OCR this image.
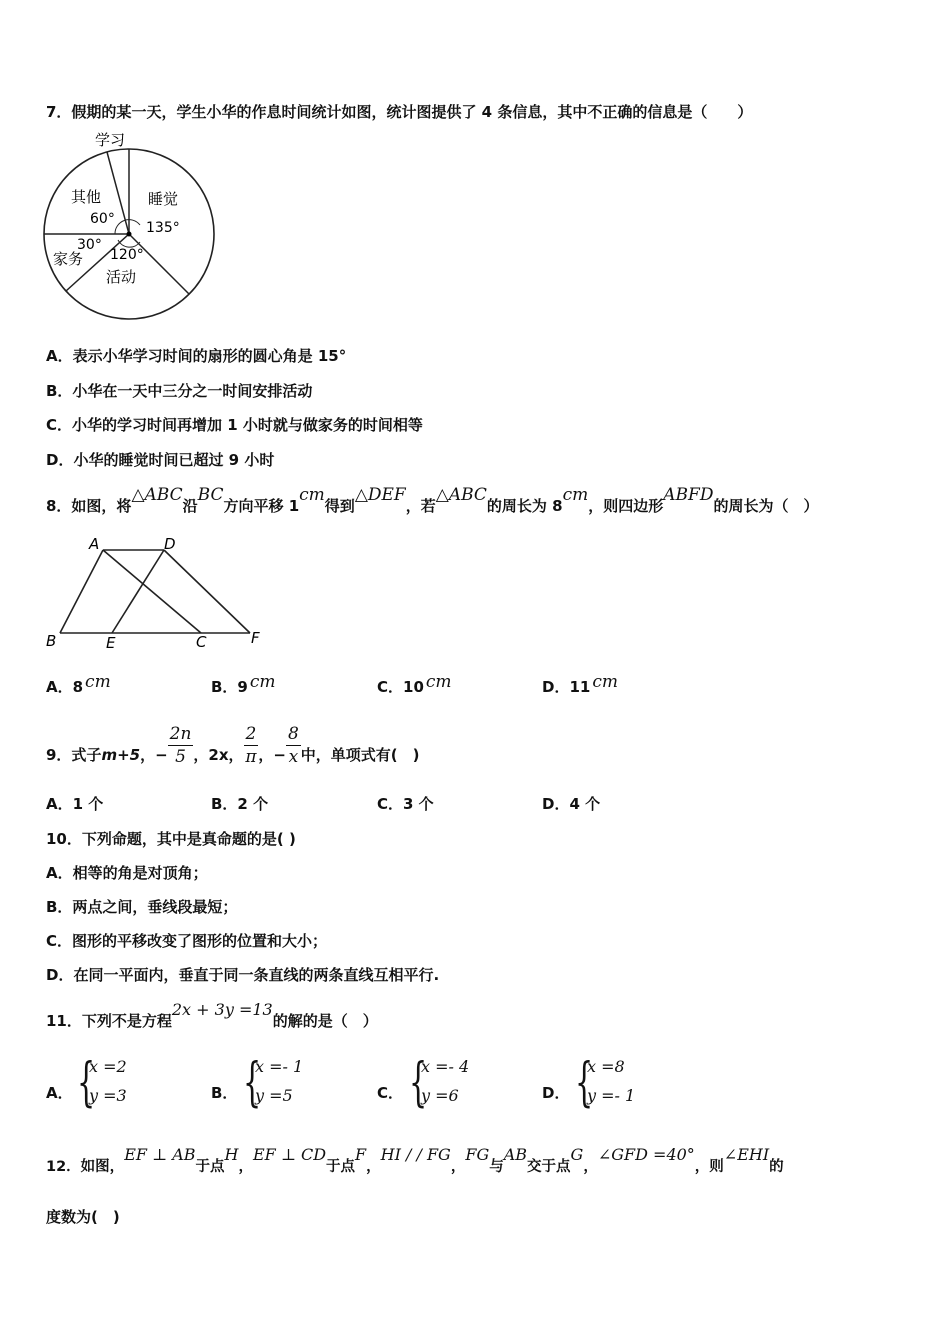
7．假期的某一天，学生小华的作息时间统计如图，统计图提供了 4 条信息，其中不正确的信息是（　　）
学习
其他	睡觉
60°
135°
30°
家务 120°
活动
A．表示小华学习时间的扇形的圆心角是 15°
B．小华在一天中三分之一时间安排活动
C．小华的学习时间再增加 1 小时就与做家务的时间相等
D．小华的睡觉时间已超过 9 小时
8．如图，将△ABC沿BC方向平移 1cm得到△DEF，若△ABC的周长为 8cm，则四边形ABFD的周长为（　）
A	D
B	E	C	F
A．8 cm	B．9 cm	C．10 cm	D．11 cm
9．式子m+5，− $\frac{2n}{5}$ ，2x， $\frac{2}{\pi}$ ，− $\frac{8}{x}$ 中，单项式有(　)
A．1 个	B．2 个	C．3 个	D．4 个
10．下列命题，其中是真命题的是( )
A．相等的角是对顶角；
B．两点之间，垂线段最短；
C．图形的平移改变了图形的位置和大小；
D．在同一平面内，垂直于同一条直线的两条直线互相平行.
11．下列不是方程2x + 3y =13的解的是（　）
A． {
x =2
y =3	B． {
x =- 1
y =5	C． {
x =- 4
y =6	D． {
x =8
y =- 1
12．如图，EF ⊥ AB于点H，EF ⊥ CD于点F，HI / / FG，FG与AB交于点G，∠GFD =40°，则∠EHI的
度数为(　)
